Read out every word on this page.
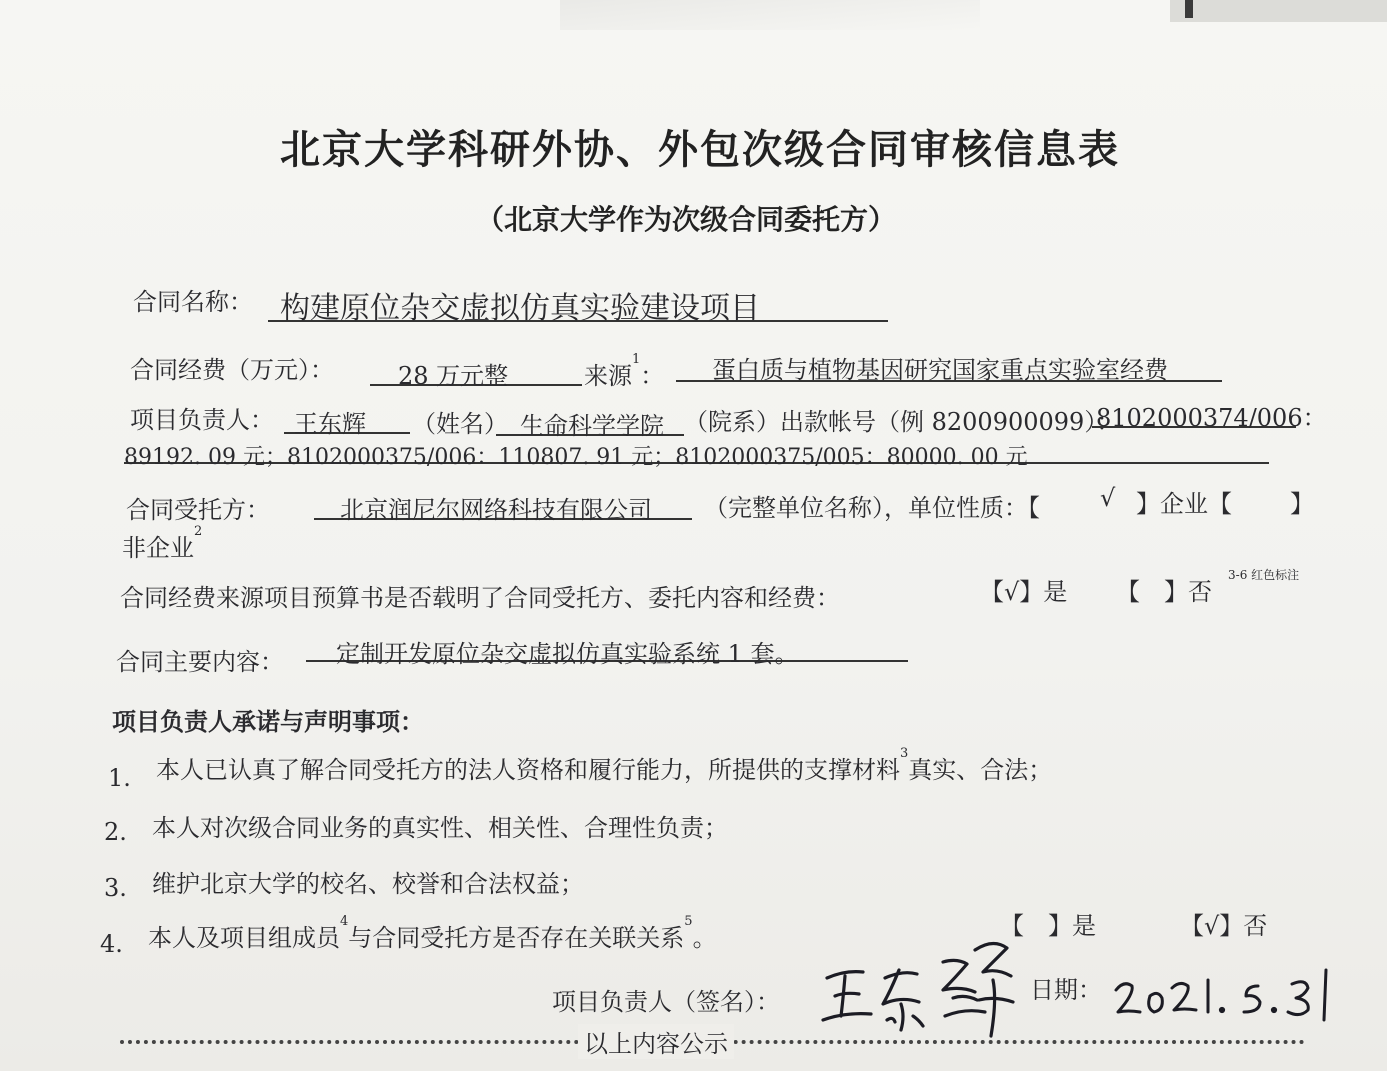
北京大学科研外协、外包次级合同审核信息表
（北京大学作为次级合同委托方）
合同名称： 构建原位杂交虚拟仿真实验建设项目
合同经费（万元）：	28 万元整	来源$^1$： 蛋白质与植物基因研究国家重点实验室经费
项目负责人： 王东辉 （姓名） 生命科学学院 （院系）出款帐号（例 8200900099）：
8102000374/006：
89192. 09 元；8102000375/006：110807. 91 元；8102000375/005：80000. 00 元
合同受托方：	北京润尼尔网络科技有限公司 （完整单位名称），单位性质：【	√ 】企业【 】
非企业$^2$
合同经费来源项目预算书是否载明了合同受托方、委托内容和经费：	【√】是 【　】否
3-6 红色标注
合同主要内容： 定制开发原位杂交虚拟仿真实验系统 1 套。
项目负责人承诺与声明事项：
1. 本人已认真了解合同受托方的法人资格和履行能力，所提供的支撑材料$^3$真实、合法；
2. 本人对次级合同业务的真实性、相关性、合理性负责；
3. 维护北京大学的校名、校誉和合法权益；
4. 本人及项目组成员$^4$与合同受托方是否存在关联关系$^5$。	【　】是	【√】否
项目负责人（签名）：	日期：
以上内容公示
